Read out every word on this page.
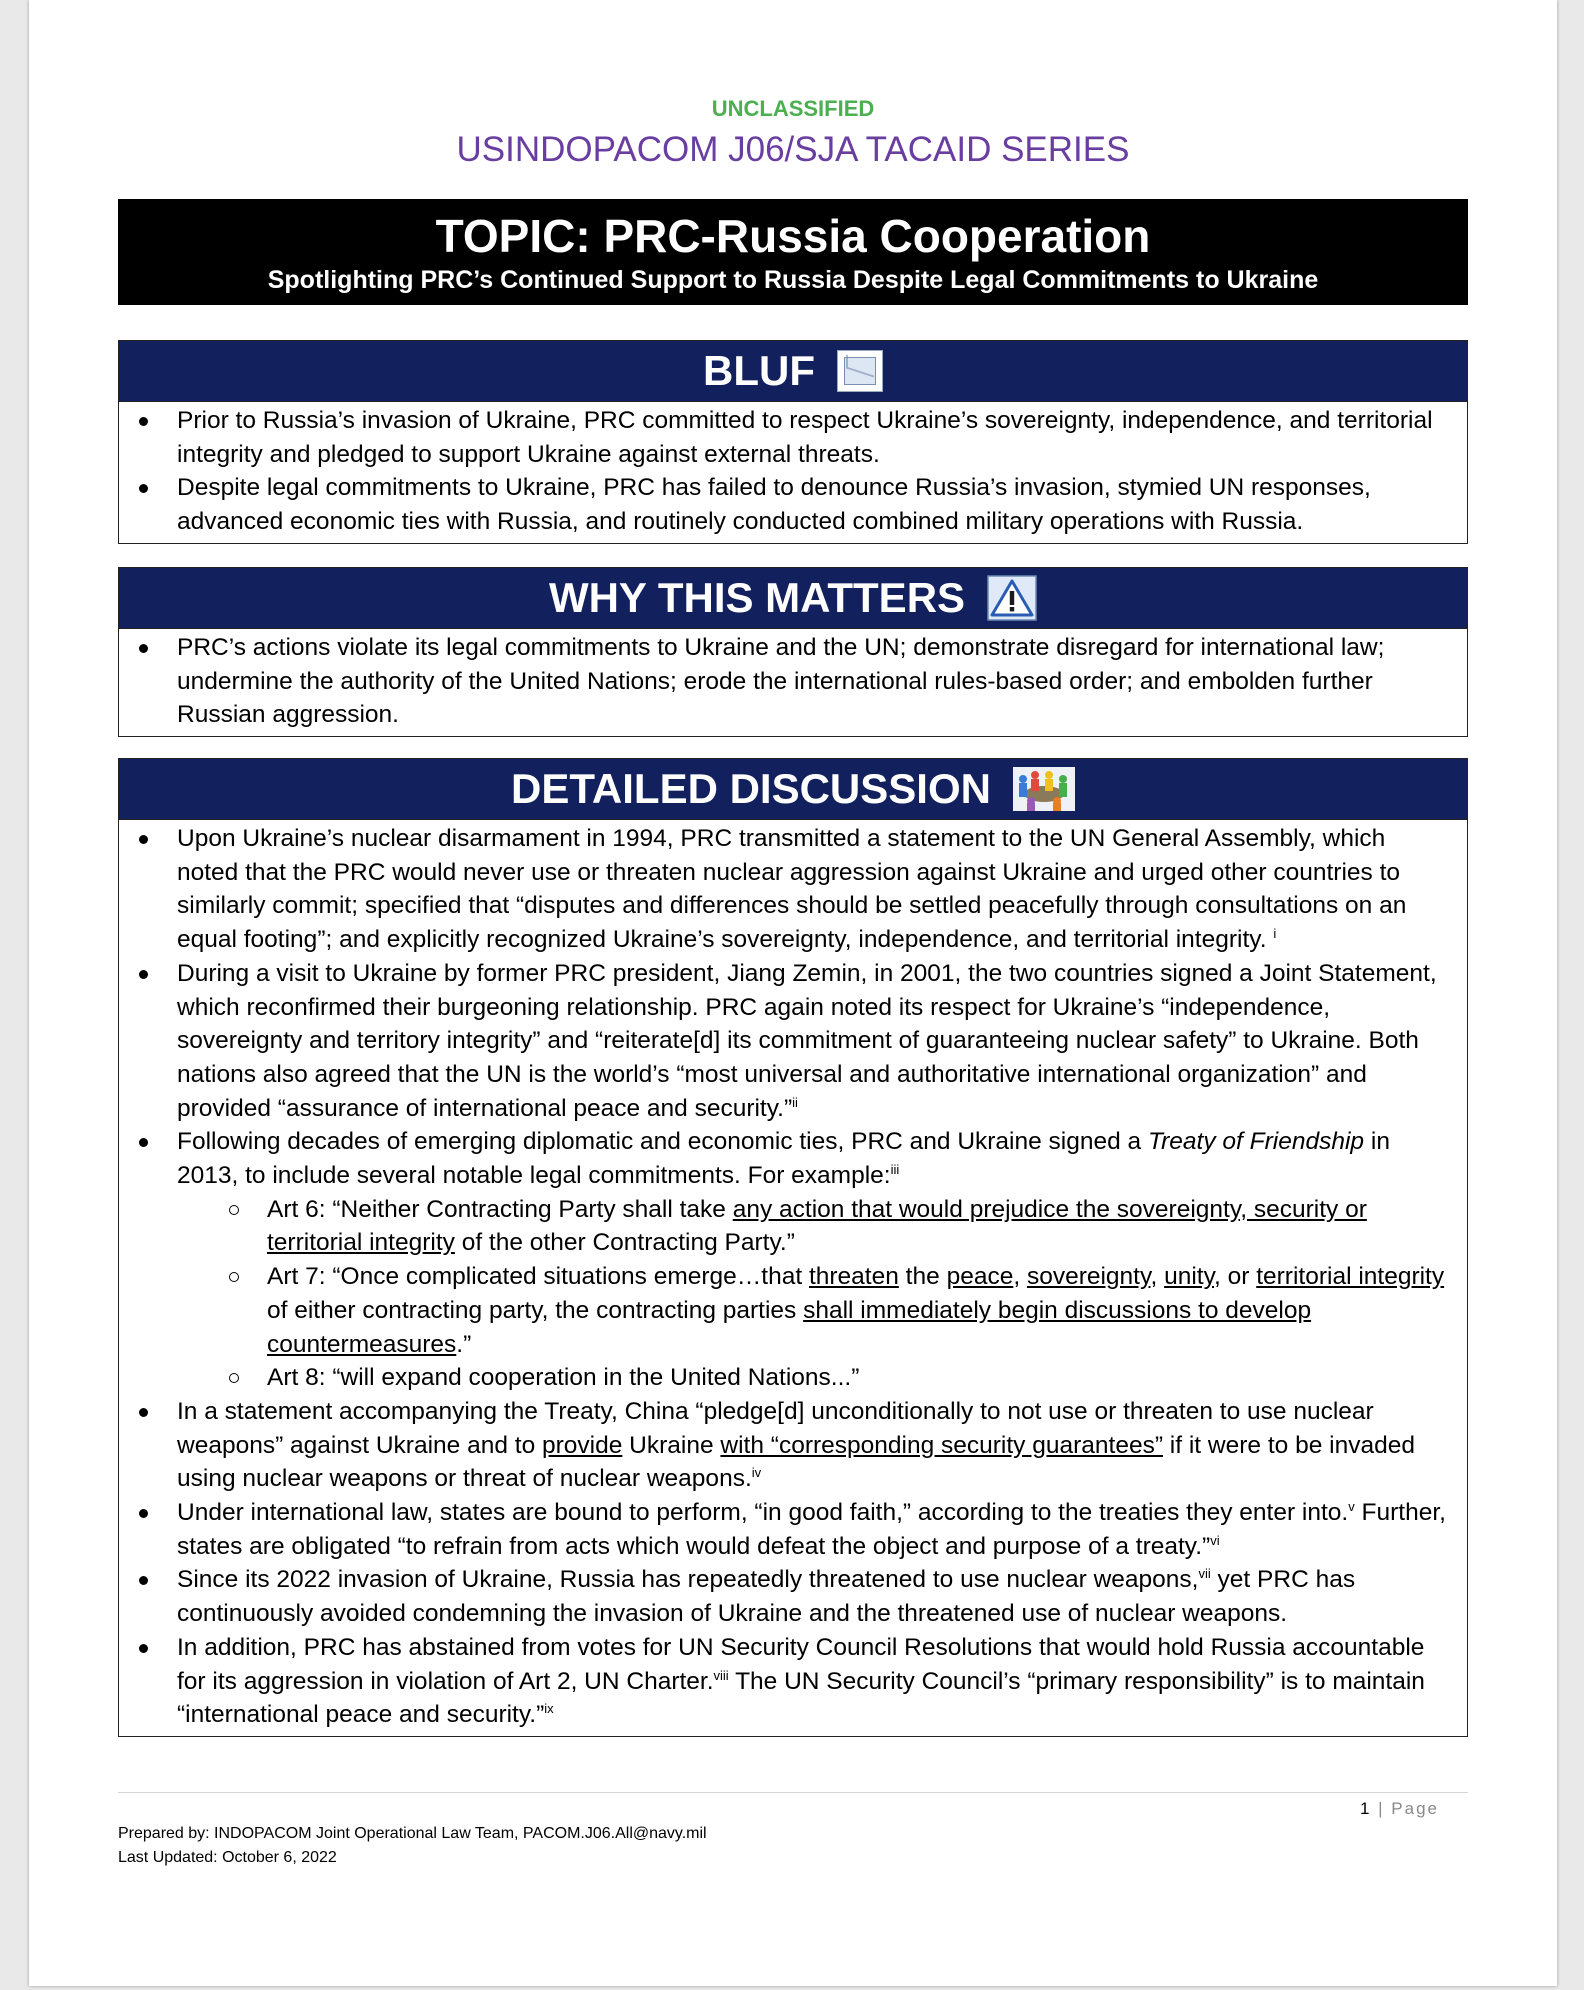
UNCLASSIFIED
USINDOPACOM J06/SJA TACAID SERIES
TOPIC: PRC-Russia Cooperation
Spotlighting PRC’s Continued Support to Russia Despite Legal Commitments to Ukraine
BLUF
Prior to Russia’s invasion of Ukraine, PRC committed to respect Ukraine’s sovereignty, independence, and territorial integrity and pledged to support Ukraine against external threats.
Despite legal commitments to Ukraine, PRC has failed to denounce Russia’s invasion, stymied UN responses, advanced economic ties with Russia, and routinely conducted combined military operations with Russia.
WHY THIS MATTERS
PRC’s actions violate its legal commitments to Ukraine and the UN; demonstrate disregard for international law; undermine the authority of the United Nations; erode the international rules-based order; and embolden further Russian aggression.
DETAILED DISCUSSION
Upon Ukraine’s nuclear disarmament in 1994, PRC transmitted a statement to the UN General Assembly, which noted that the PRC would never use or threaten nuclear aggression against Ukraine and urged other countries to similarly commit; specified that “disputes and differences should be settled peacefully through consultations on an equal footing”; and explicitly recognized Ukraine’s sovereignty, independence, and territorial integrity. $^i$
During a visit to Ukraine by former PRC president, Jiang Zemin, in 2001, the two countries signed a Joint Statement, which reconfirmed their burgeoning relationship. PRC again noted its respect for Ukraine’s “independence, sovereignty and territory integrity” and “reiterate[d] its commitment of guaranteeing nuclear safety” to Ukraine. Both nations also agreed that the UN is the world’s “most universal and authoritative international organization” and provided “assurance of international peace and security.”$^{ii}$
Following decades of emerging diplomatic and economic ties, PRC and Ukraine signed a Treaty of Friendship in 2013, to include several notable legal commitments. For example:$^{iii}$
Art 6: “Neither Contracting Party shall take any action that would prejudice the sovereignty, security or territorial integrity of the other Contracting Party.”
Art 7: “Once complicated situations emerge…that threaten the peace, sovereignty, unity, or territorial integrity of either contracting party, the contracting parties shall immediately begin discussions to develop countermeasures.”
Art 8: “will expand cooperation in the United Nations...”
In a statement accompanying the Treaty, China “pledge[d] unconditionally to not use or threaten to use nuclear weapons” against Ukraine and to provide Ukraine with “corresponding security guarantees” if it were to be invaded using nuclear weapons or threat of nuclear weapons.$^{iv}$
Under international law, states are bound to perform, “in good faith,” according to the treaties they enter into.$^v$ Further, states are obligated “to refrain from acts which would defeat the object and purpose of a treaty.”$^{vi}$
Since its 2022 invasion of Ukraine, Russia has repeatedly threatened to use nuclear weapons,$^{vii}$ yet PRC has continuously avoided condemning the invasion of Ukraine and the threatened use of nuclear weapons.
In addition, PRC has abstained from votes for UN Security Council Resolutions that would hold Russia accountable for its aggression in violation of Art 2, UN Charter.$^{viii}$ The UN Security Council’s “primary responsibility” is to maintain “international peace and security.”$^{ix}$
1 | Page
Prepared by: INDOPACOM Joint Operational Law Team, PACOM.J06.All@navy.mil
Last Updated: October 6, 2022
